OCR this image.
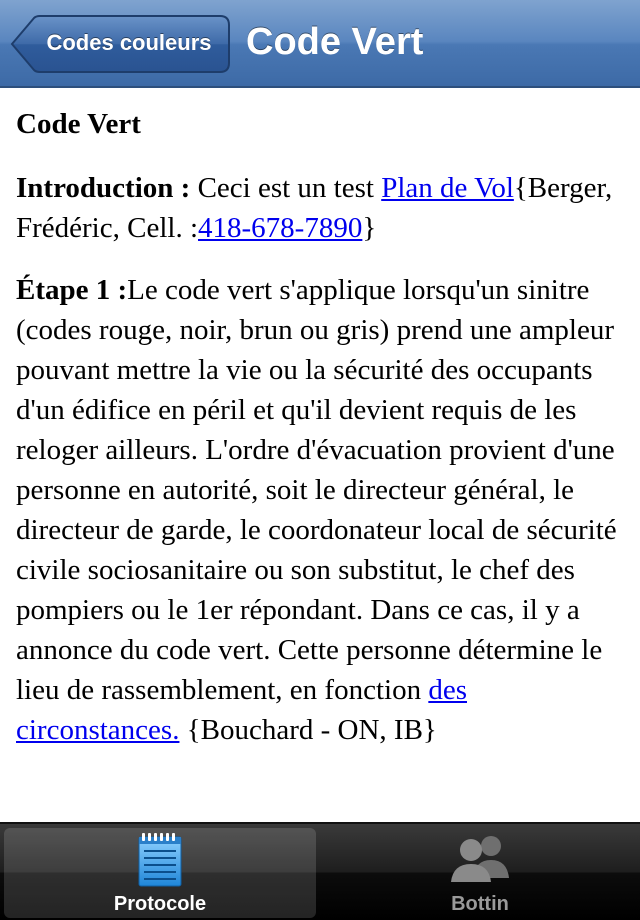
Codes couleurs Code Vert

Code Vert

Introduction : Ceci est un test Plan de Vol{Berger, Frédéric, Cell. :418-678-7890}

Étape 1 :Le code vert s'applique lorsqu'un sinitre (codes rouge, noir, brun ou gris) prend une ampleur pouvant mettre la vie ou la sécurité des occupants d'un édifice en péril et qu'il devient requis de les reloger ailleurs. L'ordre d'évacuation provient d'une personne en autorité, soit le directeur général, le directeur de garde, le coordonateur local de sécurité civile sociosanitaire ou son substitut, le chef des pompiers ou le 1er répondant. Dans ce cas, il y a annonce du code vert. Cette personne détermine le lieu de rassemblement, en fonction des circonstances. {Bouchard - ON, IB}

Protocole	Bottin
